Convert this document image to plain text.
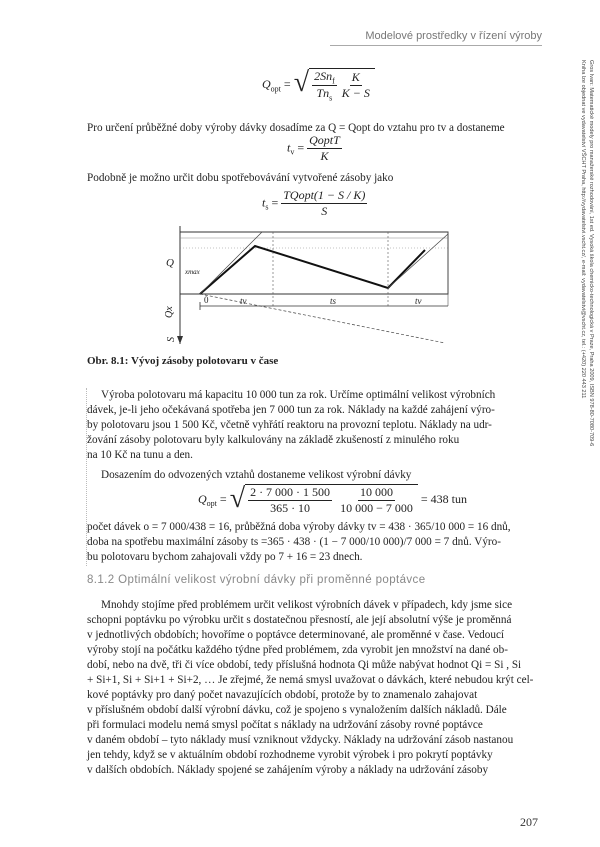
Modelové prostředky v řízení výroby
Gros Ivan: Matematické modely pro manažerské rozhodování, 1st ed. Vysoká škola chemicko-technologická v Praze, Praha 2009, ISBN 978-80-7080-709-6
Kniha lze objednat ve vydavatelství VŠCHT Praha, http://vydavatelstvi.vscht.cz/, e-mail: vydavatelstvi@vscht.cz, tel.: (+420) 220 443 211
$Q_{opt}$ = √ $\frac{2Sn_f}{Tn_s}$
$\frac{K}{K - S}$
Pro určení průběžné doby výroby dávky dosadíme za Q = Qopt do vztahu pro tv a dostaneme
$t_v = \frac{\text{QoptT}}{K}$
Podobně je možno určit dobu spotřebovávání vytvořené zásoby jako
$t_s = \frac{\text{TQopt(1 − S / K)}}{S}$
Q
xmax
0
Qx
S
tv	ts	tv
Obr. 8.1: Vývoj zásoby polotovaru v čase
Výroba polotovaru má kapacitu 10 000 tun za rok. Určíme optimální velikost výrobních
dávek, je-li jeho očekávaná spotřeba jen 7 000 tun za rok. Náklady na každé zahájení výro-
by polotovaru jsou 1 500 Kč, včetně vyhřátí reaktoru na provozní teplotu. Náklady na udr-
žování zásoby polotovaru byly kalkulovány na základě zkušeností z minulého roku
na 10 Kč na tunu a den.
Dosazením do odvozených vztahů dostaneme velikost výrobní dávky
$Q_{opt}$ = √ $\frac{2 \cdot 7 000 \cdot 1 500}{365 \cdot 10}$
$\frac{10 000}{10 000 - 7 000} = 438$ tun
počet dávek o = 7 000/438 = 16, průběžná doba výroby dávky tv = 438 · 365/10 000 = 16 dnů,
doba na spotřebu maximální zásoby ts =365 · 438 · (1 − 7 000/10 000)/7 000 = 7 dnů. Výro-
bu polotovaru bychom zahajovali vždy po 7 + 16 = 23 dnech.
8.1.2 Optimální velikost výrobní dávky při proměnné poptávce
Mnohdy stojíme před problémem určit velikost výrobních dávek v případech, kdy jsme sice
schopni poptávku po výrobku určit s dostatečnou přesností, ale její absolutní výše je proměnná
v jednotlivých obdobích; hovoříme o poptávce determinované, ale proměnné v čase. Vedoucí
výroby stojí na počátku každého týdne před problémem, zda vyrobit jen množství na dané ob-
dobí, nebo na dvě, tři či více období, tedy příslušná hodnota Qi může nabývat hodnot Qi = Si , Si
+ Si+1, Si + Si+1 + Si+2, … Je zřejmé, že nemá smysl uvažovat o dávkách, které nebudou krýt cel-
kové poptávky pro daný počet navazujících období, protože by to znamenalo zahajovat
v příslušném období další výrobní dávku, což je spojeno s vynaložením dalších nákladů. Dále
při formulaci modelu nemá smysl počítat s náklady na udržování zásoby rovné poptávce
v daném období – tyto náklady musí vzniknout vždycky. Náklady na udržování zásob nastanou
jen tehdy, když se v aktuálním období rozhodneme vyrobit výrobek i pro pokrytí poptávky
v dalších obdobích. Náklady spojené se zahájením výroby a náklady na udržování zásoby
207
